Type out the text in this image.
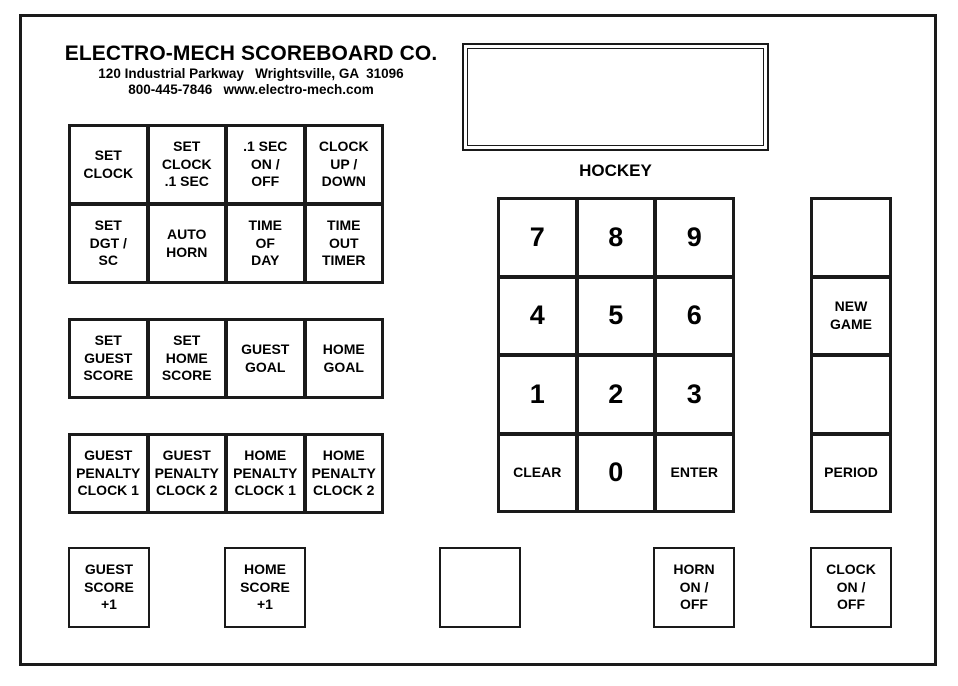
ELECTRO-MECH SCOREBOARD CO.
120 Industrial Parkway   Wrightsville, GA  31096
800-445-7846   www.electro-mech.com
HOCKEY
SET
CLOCK
SET
CLOCK
.1 SEC
.1 SEC
ON /
OFF
CLOCK
UP /
DOWN
SET
DGT /
SC
AUTO
HORN
TIME
OF
DAY
TIME
OUT
TIMER
SET
GUEST
SCORE
SET
HOME
SCORE
GUEST
GOAL
HOME
GOAL
GUEST
PENALTY
CLOCK 1
GUEST
PENALTY
CLOCK 2
HOME
PENALTY
CLOCK 1
HOME
PENALTY
CLOCK 2
7	8	9
4	5	6
1	2	3
CLEAR	0	ENTER
NEW
GAME
PERIOD
GUEST
SCORE
+1
HOME
SCORE
+1
HORN
ON /
OFF
CLOCK
ON /
OFF
